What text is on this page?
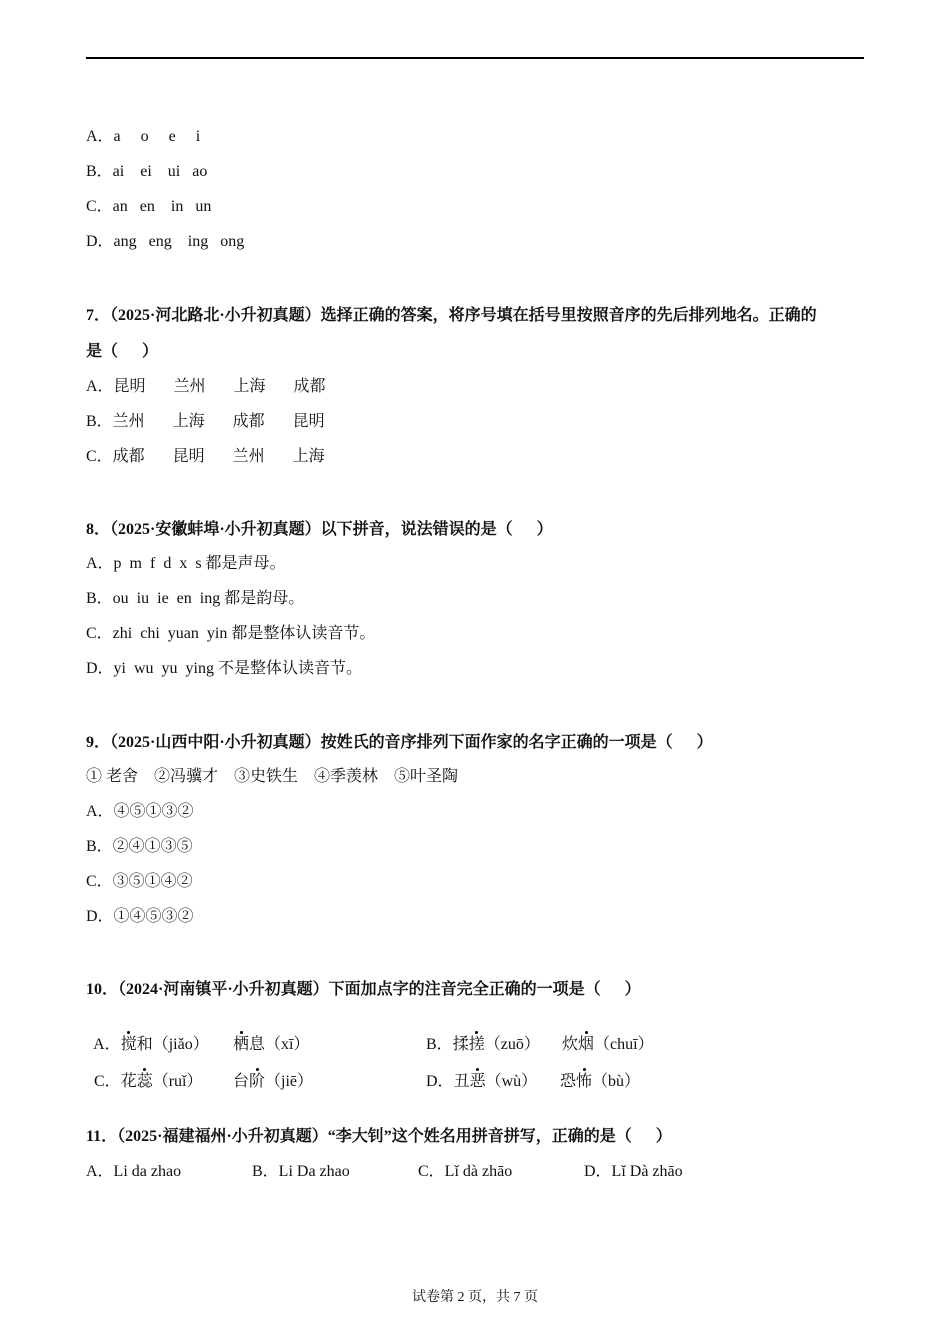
A．a     o     e     i
B．ai    ei    ui   ao
C．an   en    in   un
D．ang   eng    ing   ong
7．（2025·河北路北·小升初真题）选择正确的答案，将序号填在括号里按照音序的先后排列地名。正确的
是（      ）
A．昆明       兰州       上海       成都
B．兰州       上海       成都       昆明
C．成都       昆明       兰州       上海
8．（2025·安徽蚌埠·小升初真题）以下拼音，说法错误的是（      ）
A．p  m  f  d  x  s 都是声母。
B．ou  iu  ie  en  ing 都是韵母。
C．zhi  chi  yuan  yin 都是整体认读音节。
D．yi  wu  yu  ying 不是整体认读音节。
9．（2025·山西中阳·小升初真题）按姓氏的音序排列下面作家的名字正确的一项是（      ）
① 老舍    ②冯骥才    ③史铁生    ④季羡林    ⑤叶圣陶
A．④⑤①③②
B．②④①③⑤
C．③⑤①④②
D．①④⑤③②
10．（2024·河南镇平·小升初真题）下面加点字的注音完全正确的一项是（      ）

A．搅和（jiǎo）	栖息（xī）	B．揉搓（zuō）	炊烟（chuī）

C．花蕊（ruǐ）	台阶（jiē）	D．丑恶（wù）	恐怖（bù）

11．（2025·福建福州·小升初真题）“李大钊”这个姓名用拼音拼写，正确的是（      ）
A．Li da zhao	B．Li Da zhao	C．Lǐ dà zhāo	D．Lǐ Dà zhāo
试卷第 2 页，共 7 页
